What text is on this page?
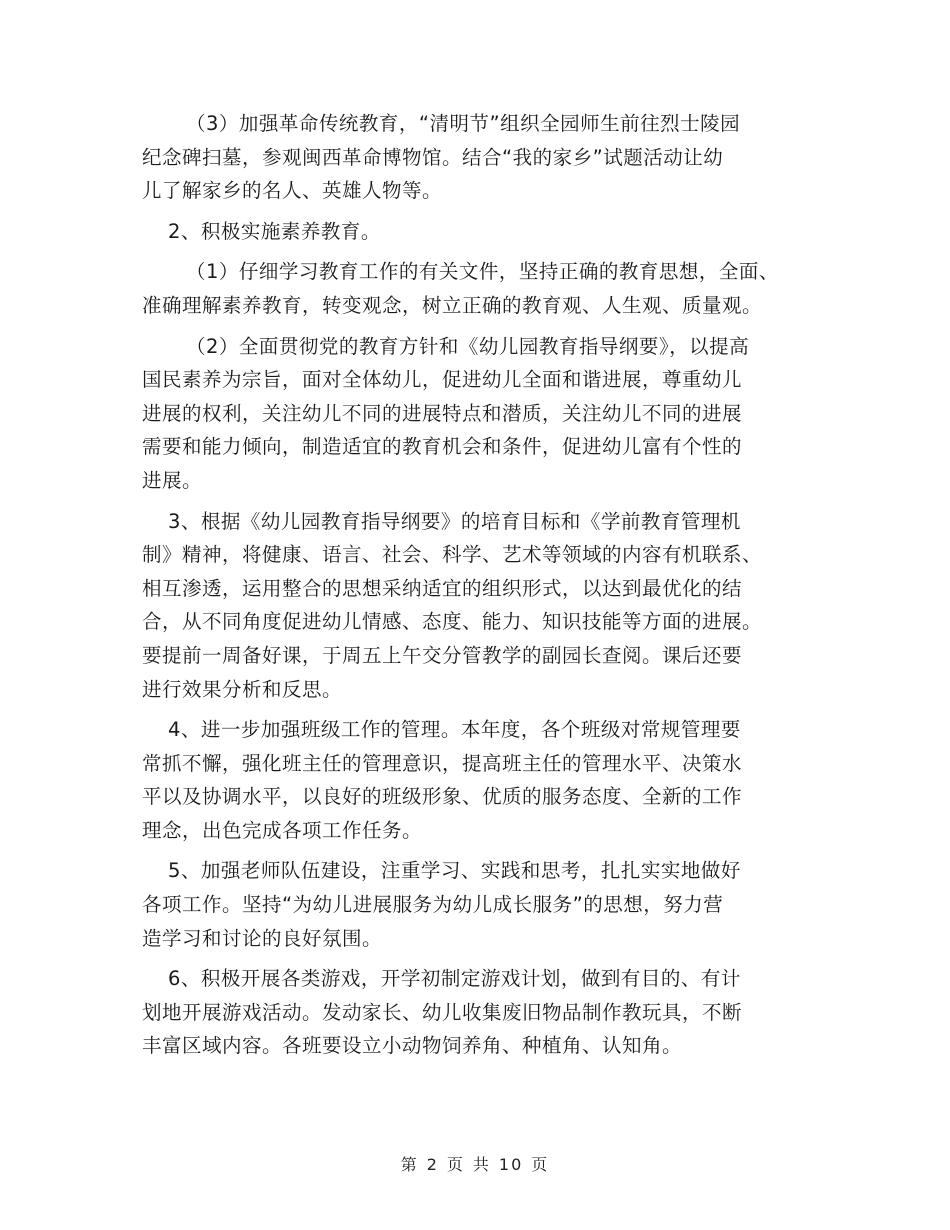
（3）加强革命传统教育，“清明节”组织全园师生前往烈士陵园
纪念碑扫墓，参观闽西革命博物馆。结合“我的家乡”试题活动让幼
儿了解家乡的名人、英雄人物等。
2、积极实施素养教育。
（1）仔细学习教育工作的有关文件，坚持正确的教育思想，全面、
准确理解素养教育，转变观念，树立正确的教育观、人生观、质量观。
（2）全面贯彻党的教育方针和《幼儿园教育指导纲要》，以提高
国民素养为宗旨，面对全体幼儿，促进幼儿全面和谐进展，尊重幼儿
进展的权利，关注幼儿不同的进展特点和潜质，关注幼儿不同的进展
需要和能力倾向，制造适宜的教育机会和条件，促进幼儿富有个性的
进展。
3、根据《幼儿园教育指导纲要》的培育目标和《学前教育管理机
制》精神，将健康、语言、社会、科学、艺术等领域的内容有机联系、
相互渗透，运用整合的思想采纳适宜的组织形式，以达到最优化的结
合，从不同角度促进幼儿情感、态度、能力、知识技能等方面的进展。
要提前一周备好课，于周五上午交分管教学的副园长查阅。课后还要
进行效果分析和反思。
4、进一步加强班级工作的管理。本年度，各个班级对常规管理要
常抓不懈，强化班主任的管理意识，提高班主任的管理水平、决策水
平以及协调水平，以良好的班级形象、优质的服务态度、全新的工作
理念，出色完成各项工作任务。
5、加强老师队伍建设，注重学习、实践和思考，扎扎实实地做好
各项工作。坚持“为幼儿进展服务为幼儿成长服务”的思想，努力营
造学习和讨论的良好氛围。
6、积极开展各类游戏，开学初制定游戏计划，做到有目的、有计
划地开展游戏活动。发动家长、幼儿收集废旧物品制作教玩具，不断
丰富区域内容。各班要设立小动物饲养角、种植角、认知角。
第 2 页 共 10 页
